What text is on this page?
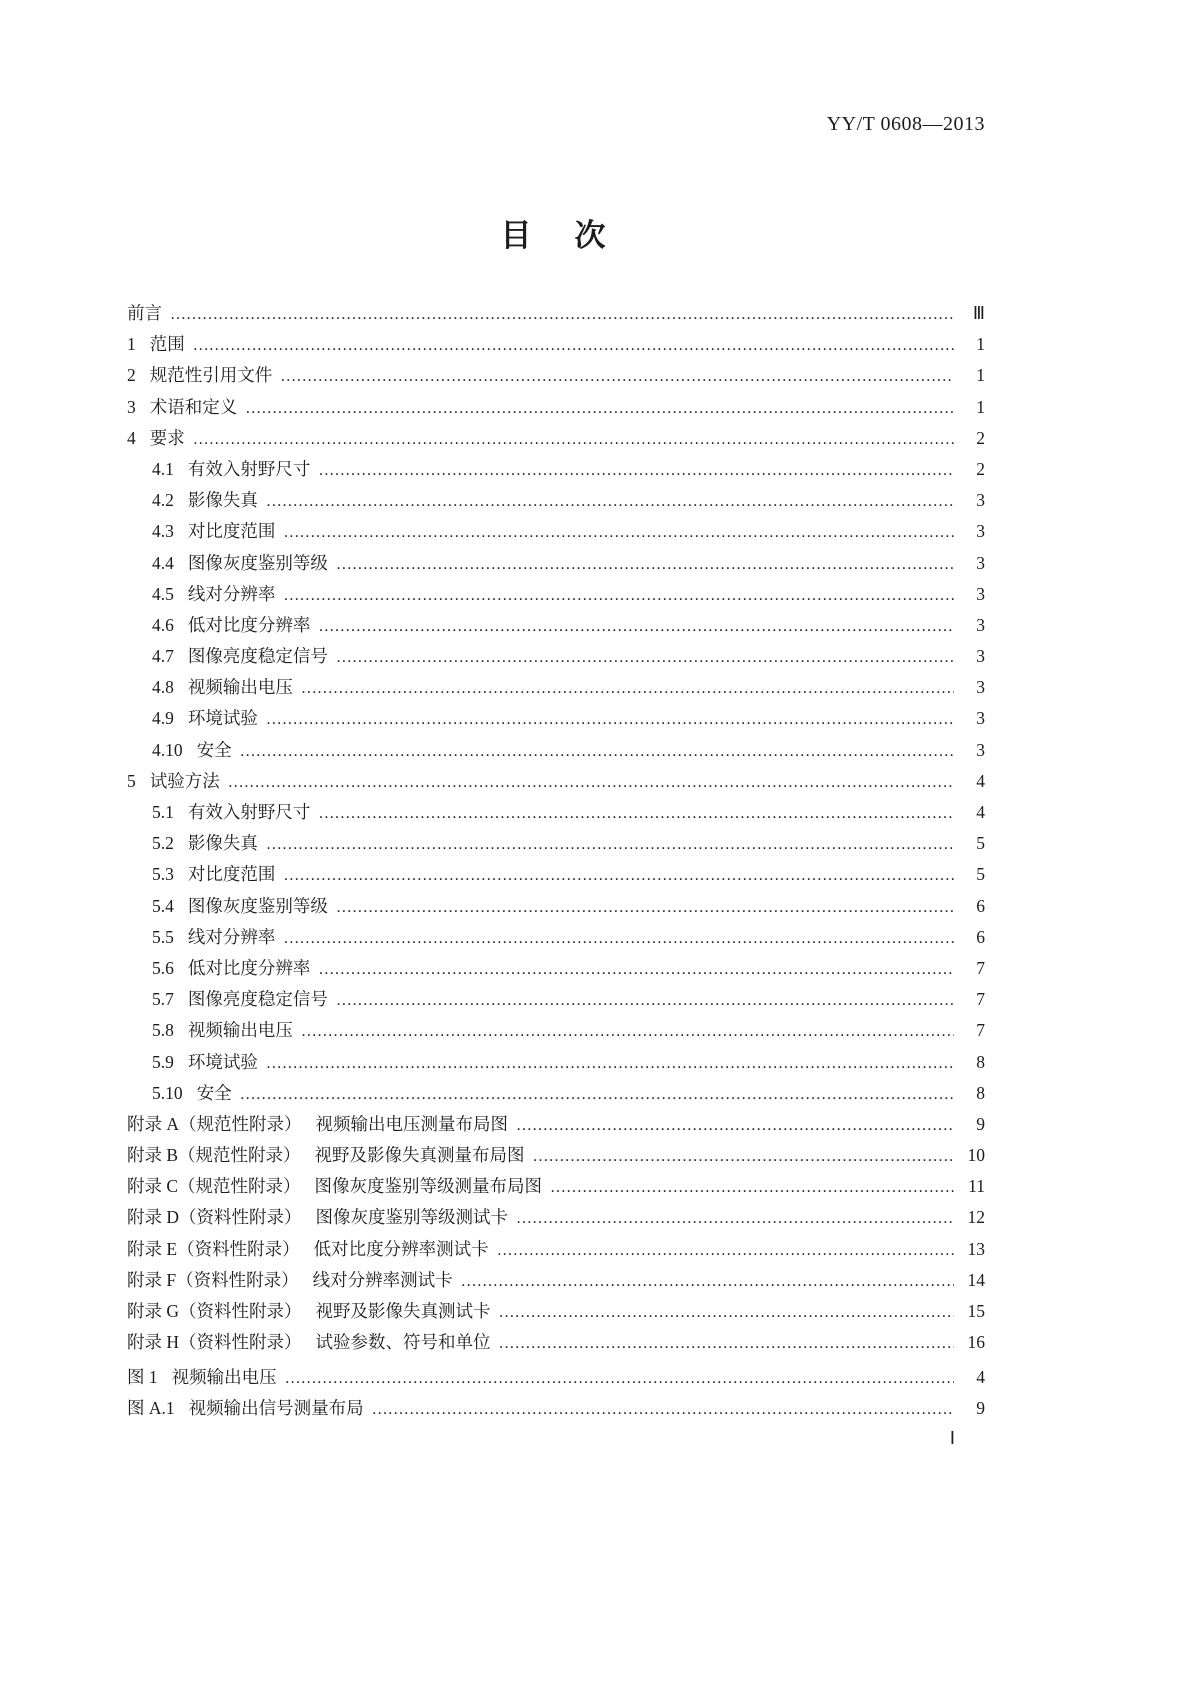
YY/T 0608—2013
目　次
前言 …………………………………………………………………………………………………………………………………………………………………………………………………………………………	Ⅲ
1 范围 …………………………………………………………………………………………………………………………………………………………………………………………………………………………	1
2 规范性引用文件 …………………………………………………………………………………………………………………………………………………………………………………………………………………………	1
3 术语和定义 …………………………………………………………………………………………………………………………………………………………………………………………………………………………	1
4 要求 …………………………………………………………………………………………………………………………………………………………………………………………………………………………	2
4.1 有效入射野尺寸 …………………………………………………………………………………………………………………………………………………………………………………………………………………………	2
4.2 影像失真 …………………………………………………………………………………………………………………………………………………………………………………………………………………………	3
4.3 对比度范围 …………………………………………………………………………………………………………………………………………………………………………………………………………………………	3
4.4 图像灰度鉴别等级 …………………………………………………………………………………………………………………………………………………………………………………………………………………………	3
4.5 线对分辨率 …………………………………………………………………………………………………………………………………………………………………………………………………………………………	3
4.6 低对比度分辨率 …………………………………………………………………………………………………………………………………………………………………………………………………………………………	3
4.7 图像亮度稳定信号 …………………………………………………………………………………………………………………………………………………………………………………………………………………………	3
4.8 视频输出电压 …………………………………………………………………………………………………………………………………………………………………………………………………………………………	3
4.9 环境试验 …………………………………………………………………………………………………………………………………………………………………………………………………………………………	3
4.10 安全 …………………………………………………………………………………………………………………………………………………………………………………………………………………………	3
5 试验方法 …………………………………………………………………………………………………………………………………………………………………………………………………………………………	4
5.1 有效入射野尺寸 …………………………………………………………………………………………………………………………………………………………………………………………………………………………	4
5.2 影像失真 …………………………………………………………………………………………………………………………………………………………………………………………………………………………	5
5.3 对比度范围 …………………………………………………………………………………………………………………………………………………………………………………………………………………………	5
5.4 图像灰度鉴别等级 …………………………………………………………………………………………………………………………………………………………………………………………………………………………	6
5.5 线对分辨率 …………………………………………………………………………………………………………………………………………………………………………………………………………………………	6
5.6 低对比度分辨率 …………………………………………………………………………………………………………………………………………………………………………………………………………………………	7
5.7 图像亮度稳定信号 …………………………………………………………………………………………………………………………………………………………………………………………………………………………	7
5.8 视频输出电压 …………………………………………………………………………………………………………………………………………………………………………………………………………………………	7
5.9 环境试验 …………………………………………………………………………………………………………………………………………………………………………………………………………………………	8
5.10 安全 …………………………………………………………………………………………………………………………………………………………………………………………………………………………	8
附录 A（规范性附录） 视频输出电压测量布局图 …………………………………………………………………………………………………………………………………………………………………………………………………………………………	9
附录 B（规范性附录） 视野及影像失真测量布局图 …………………………………………………………………………………………………………………………………………………………………………………………………………………………	10
附录 C（规范性附录） 图像灰度鉴别等级测量布局图 …………………………………………………………………………………………………………………………………………………………………………………………………………………………	11
附录 D（资料性附录） 图像灰度鉴别等级测试卡 …………………………………………………………………………………………………………………………………………………………………………………………………………………………	12
附录 E（资料性附录） 低对比度分辨率测试卡 …………………………………………………………………………………………………………………………………………………………………………………………………………………………	13
附录 F（资料性附录） 线对分辨率测试卡 …………………………………………………………………………………………………………………………………………………………………………………………………………………………	14
附录 G（资料性附录） 视野及影像失真测试卡 …………………………………………………………………………………………………………………………………………………………………………………………………………………………	15
附录 H（资料性附录） 试验参数、符号和单位 …………………………………………………………………………………………………………………………………………………………………………………………………………………………	16
图 1 视频输出电压 …………………………………………………………………………………………………………………………………………………………………………………………………………………………	4
图 A.1 视频输出信号测量布局 …………………………………………………………………………………………………………………………………………………………………………………………………………………………	9
Ⅰ
